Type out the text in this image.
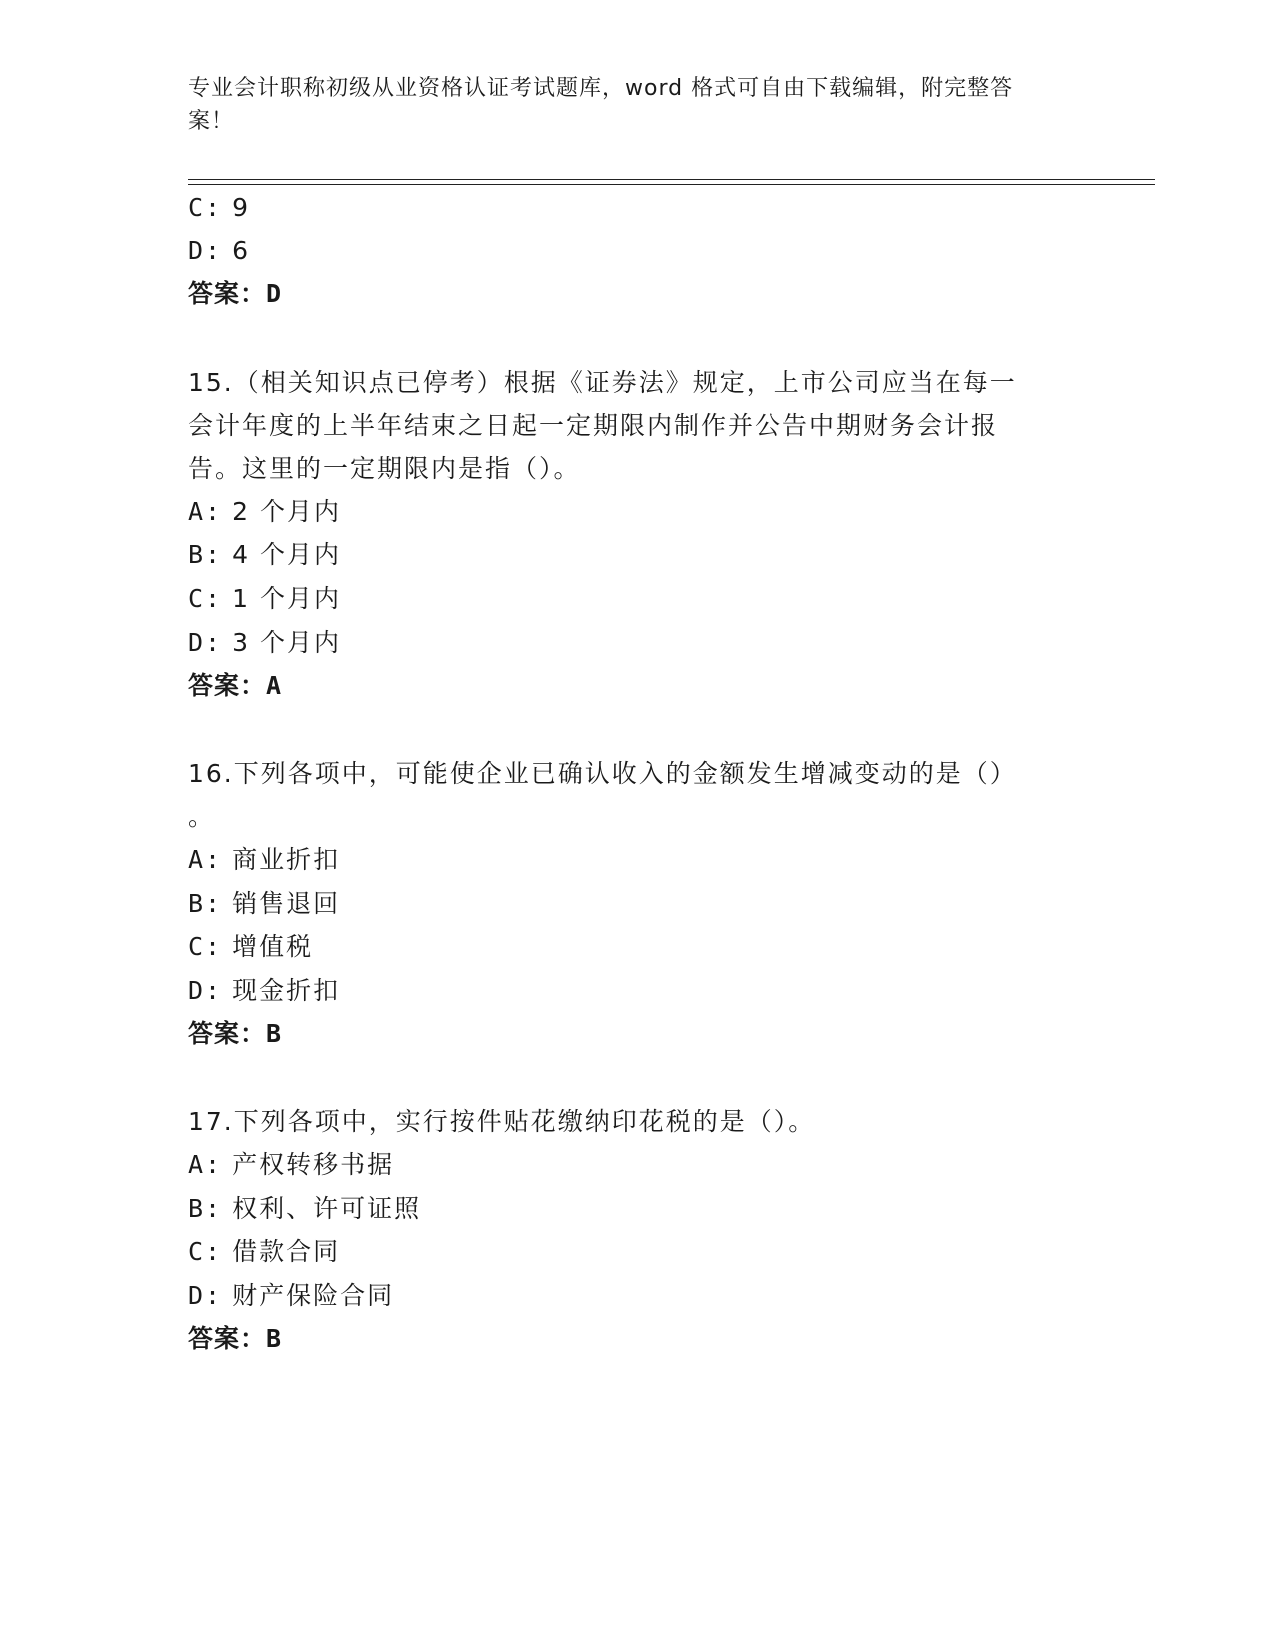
专业会计职称初级从业资格认证考试题库，word 格式可自由下载编辑，附完整答
案！
C: 9
D: 6
答案：D
15.（相关知识点已停考）根据《证券法》规定，上市公司应当在每一
会计年度的上半年结束之日起一定期限内制作并公告中期财务会计报
告。这里的一定期限内是指（）。
A: 2 个月内
B: 4 个月内
C: 1 个月内
D: 3 个月内
答案：A
16.下列各项中，可能使企业已确认收入的金额发生增减变动的是（）
。
A: 商业折扣
B: 销售退回
C: 增值税
D: 现金折扣
答案：B
17.下列各项中，实行按件贴花缴纳印花税的是（）。
A: 产权转移书据
B: 权利、许可证照
C: 借款合同
D: 财产保险合同
答案：B
